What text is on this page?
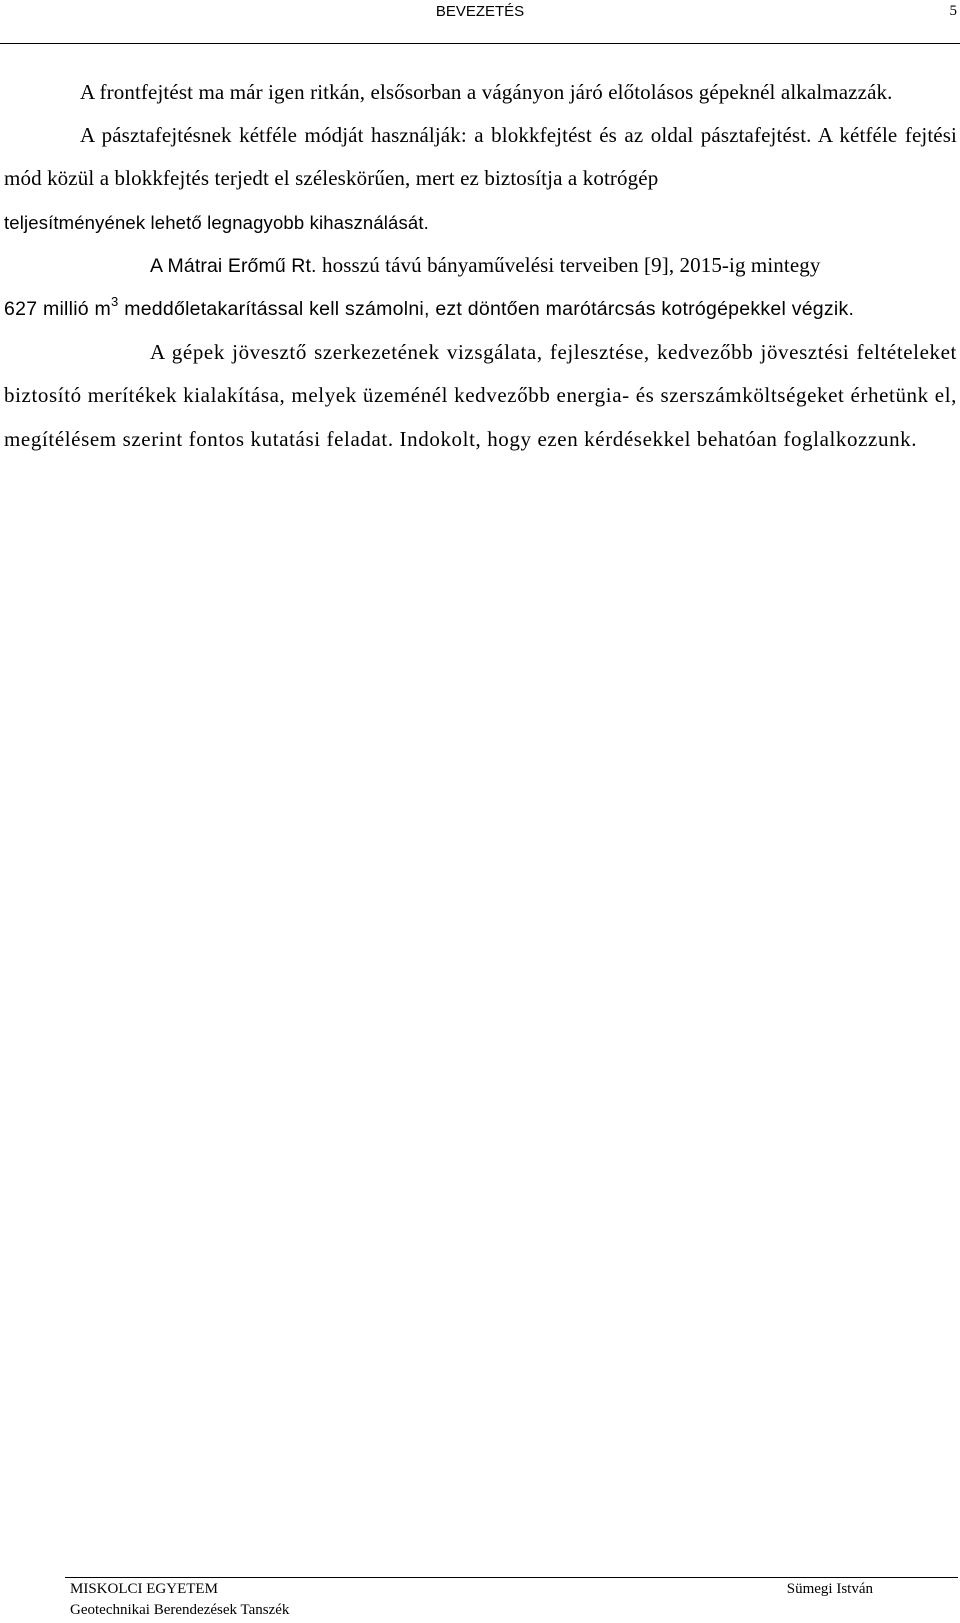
BEVEZETÉS	5

A frontfejtést ma már igen ritkán, elsősorban a vágányon járó előtolásos gépeknél alkalmazzák.

A pásztafejtésnek kétféle módját használják: a blokkfejtést és az oldal pásztafejtést. A kétféle fejtési mód közül a blokkfejtés terjedt el széleskörűen, mert ez biztosítja a kotrógép

teljesítményének lehető legnagyobb kihasználását.

A Mátrai Erőmű Rt. hosszú távú bányaművelési terveiben [9], 2015-ig mintegy

627 millió $m^3$ meddőletakarítással kell számolni, ezt döntően marótárcsás kotrógépekkel végzik.

A gépek jövesztő szerkezetének vizsgálata, fejlesztése, kedvezőbb jövesztési feltételeket biztosító merítékek kialakítása, melyek üzeménél kedvezőbb energia- és szerszámköltségeket érhetünk el, megítélésem szerint fontos kutatási feladat. Indokolt, hogy ezen kérdésekkel behatóan foglalkozzunk.

MISKOLCI EGYETEM
Geotechnikai Berendezések Tanszék
Sümegi István
